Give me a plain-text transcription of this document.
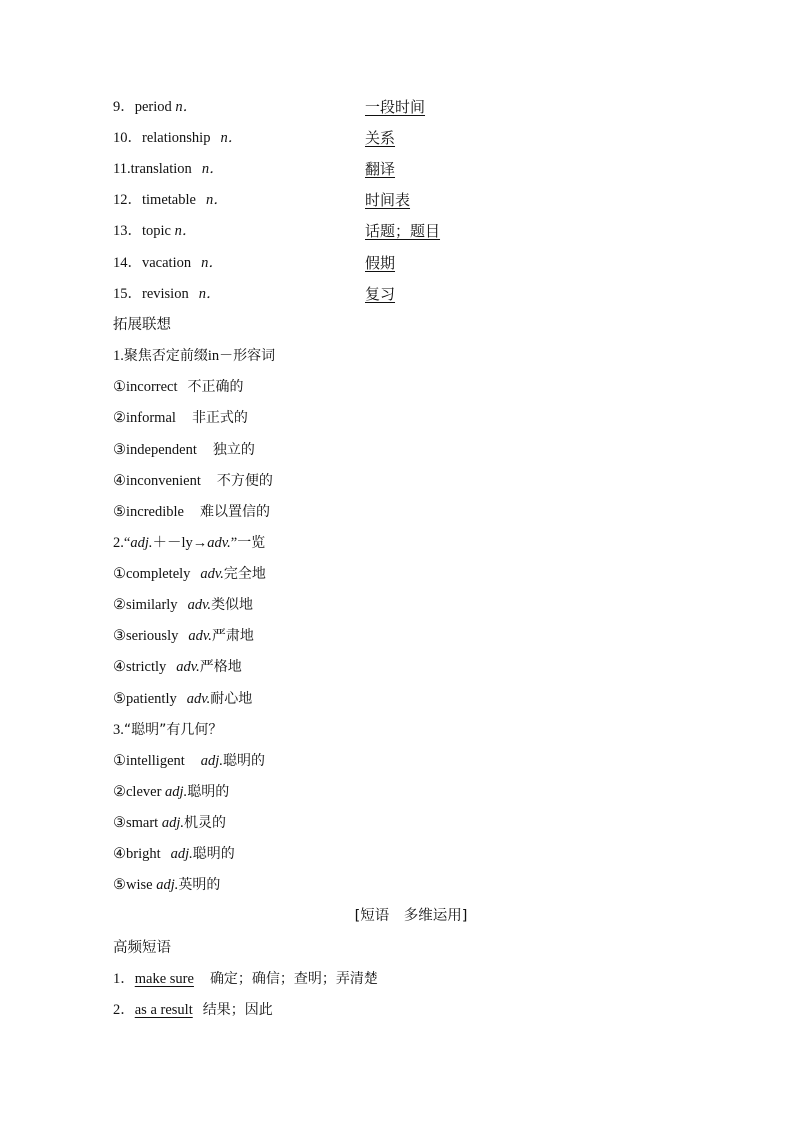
9．period n．	一段时间
10．relationship n．	关系
11.translation n．	翻译
12．timetable n．	时间表
13．topic n．	话题；题目
14．vacation n．	假期
15．revision n．	复习
拓展联想
1.聚焦否定前缀in－形容词
①incorrect 不正确的
②informal 非正式的
③independent 独立的
④inconvenient 不方便的
⑤incredible 难以置信的
2.“adj.＋－ly→adv.”一览
①completely adv.完全地
②similarly adv.类似地
③seriously adv.严肃地
④strictly adv.严格地
⑤patiently adv.耐心地
3.“聪明”有几何？
①intelligent adj.聪明的
②clever adj.聪明的
③smart adj.机灵的
④bright adj.聪明的
⑤wise adj.英明的
[短语　多维运用]
高频短语
1．make sure 确定；确信；查明；弄清楚
2．as a result 结果；因此
